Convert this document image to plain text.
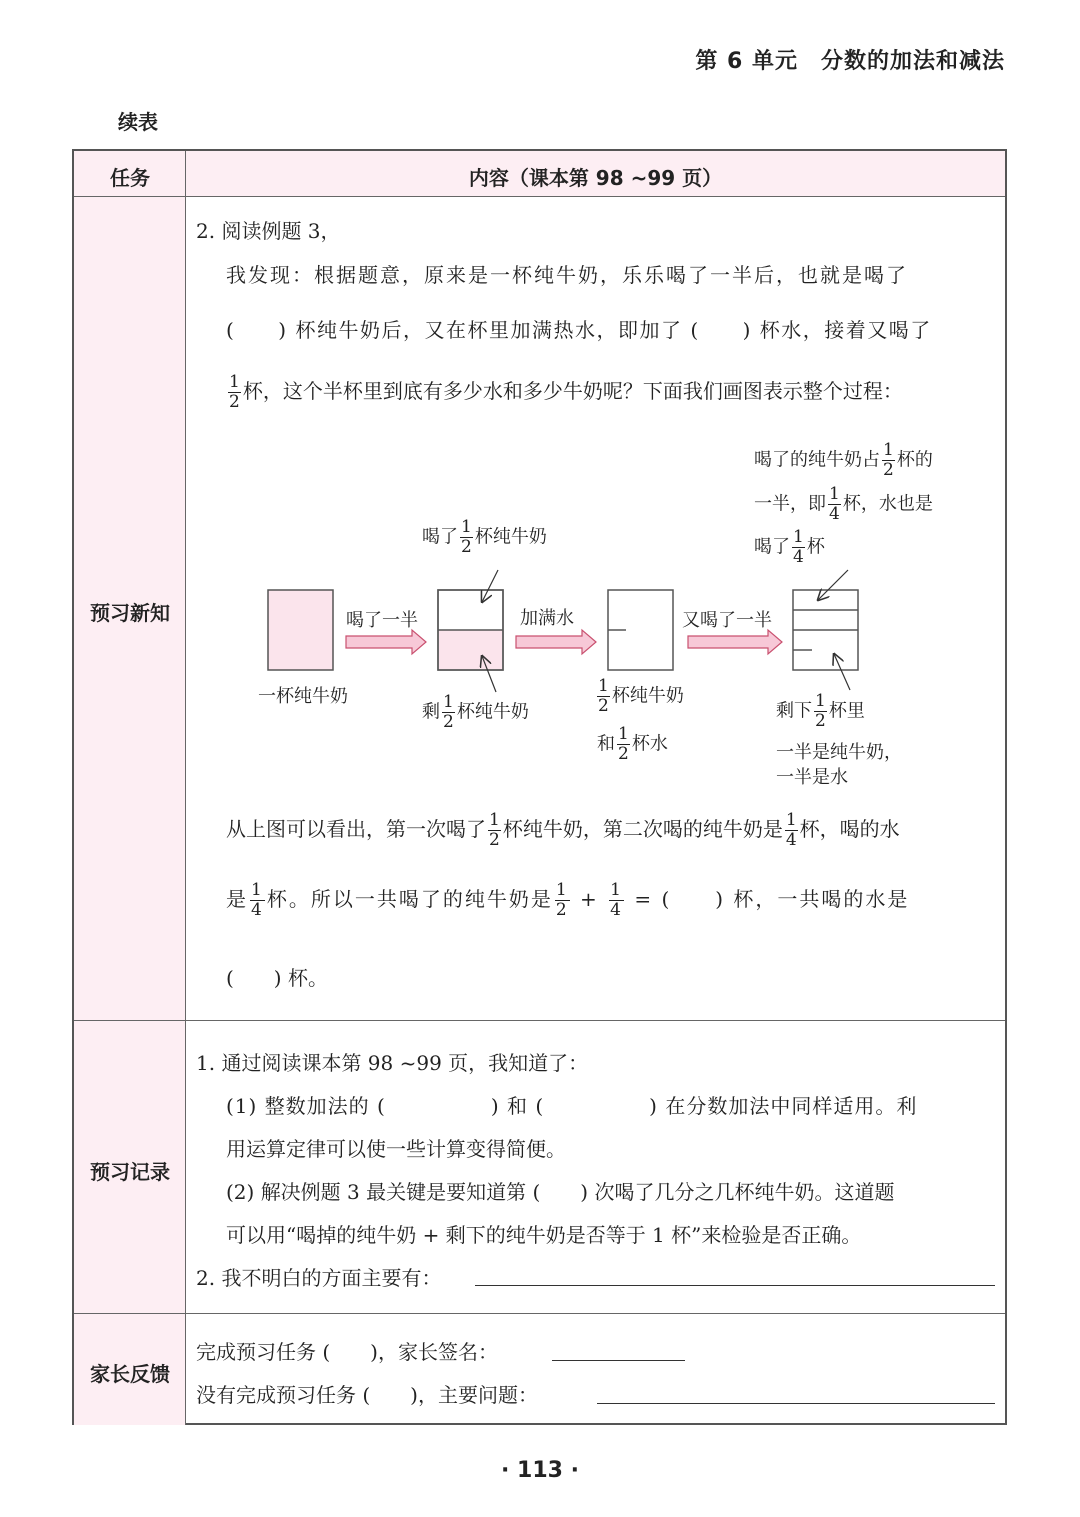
第 6 单元　分数的加法和减法
续表
任务	内容（课本第 98 ~99 页）
预习新知
预习记录
家长反馈
2. 阅读例题 3，
我发现：根据题意，原来是一杯纯牛奶，乐乐喝了一半后，也就是喝了
(　　) 杯纯牛奶后，又在杯里加满热水，即加了 (　　) 杯水，接着又喝了
$\frac{1}{2}$ 杯，这个半杯里到底有多少水和多少牛奶呢？下面我们画图表示整个过程：
一杯纯牛奶
喝了一半
喝了 $\frac{1}{2}$ 杯纯牛奶
剩 $\frac{1}{2}$ 杯纯牛奶
加满水
$\frac{1}{2}$ 杯纯牛奶
和 $\frac{1}{2}$ 杯水
又喝了一半
喝了的纯牛奶占 $\frac{1}{2}$ 杯的
一半，即 $\frac{1}{4}$ 杯，水也是
喝了 $\frac{1}{4}$ 杯
剩下 $\frac{1}{2}$ 杯里
一半是纯牛奶，
一半是水
从上图可以看出，第一次喝了 $\frac{1}{2}$ 杯纯牛奶，第二次喝的纯牛奶是 $\frac{1}{4}$ 杯，喝的水
是 $\frac{1}{4}$ 杯。所以一共喝了的纯牛奶是 $\frac{1}{2} + \frac{1}{4}$ = (　　) 杯，一共喝的水是
(　　) 杯。
1. 通过阅读课本第 98 ~99 页，我知道了：
(1) 整数加法的 (　　　　　) 和 (　　　　　) 在分数加法中同样适用。利
用运算定律可以使一些计算变得简便。
(2) 解决例题 3 最关键是要知道第 (　　) 次喝了几分之几杯纯牛奶。这道题
可以用“喝掉的纯牛奶 + 剩下的纯牛奶是否等于 1 杯”来检验是否正确。
2. 我不明白的方面主要有：
完成预习任务 (　　)，家长签名：
没有完成预习任务 (　　)，主要问题：
· 113 ·
